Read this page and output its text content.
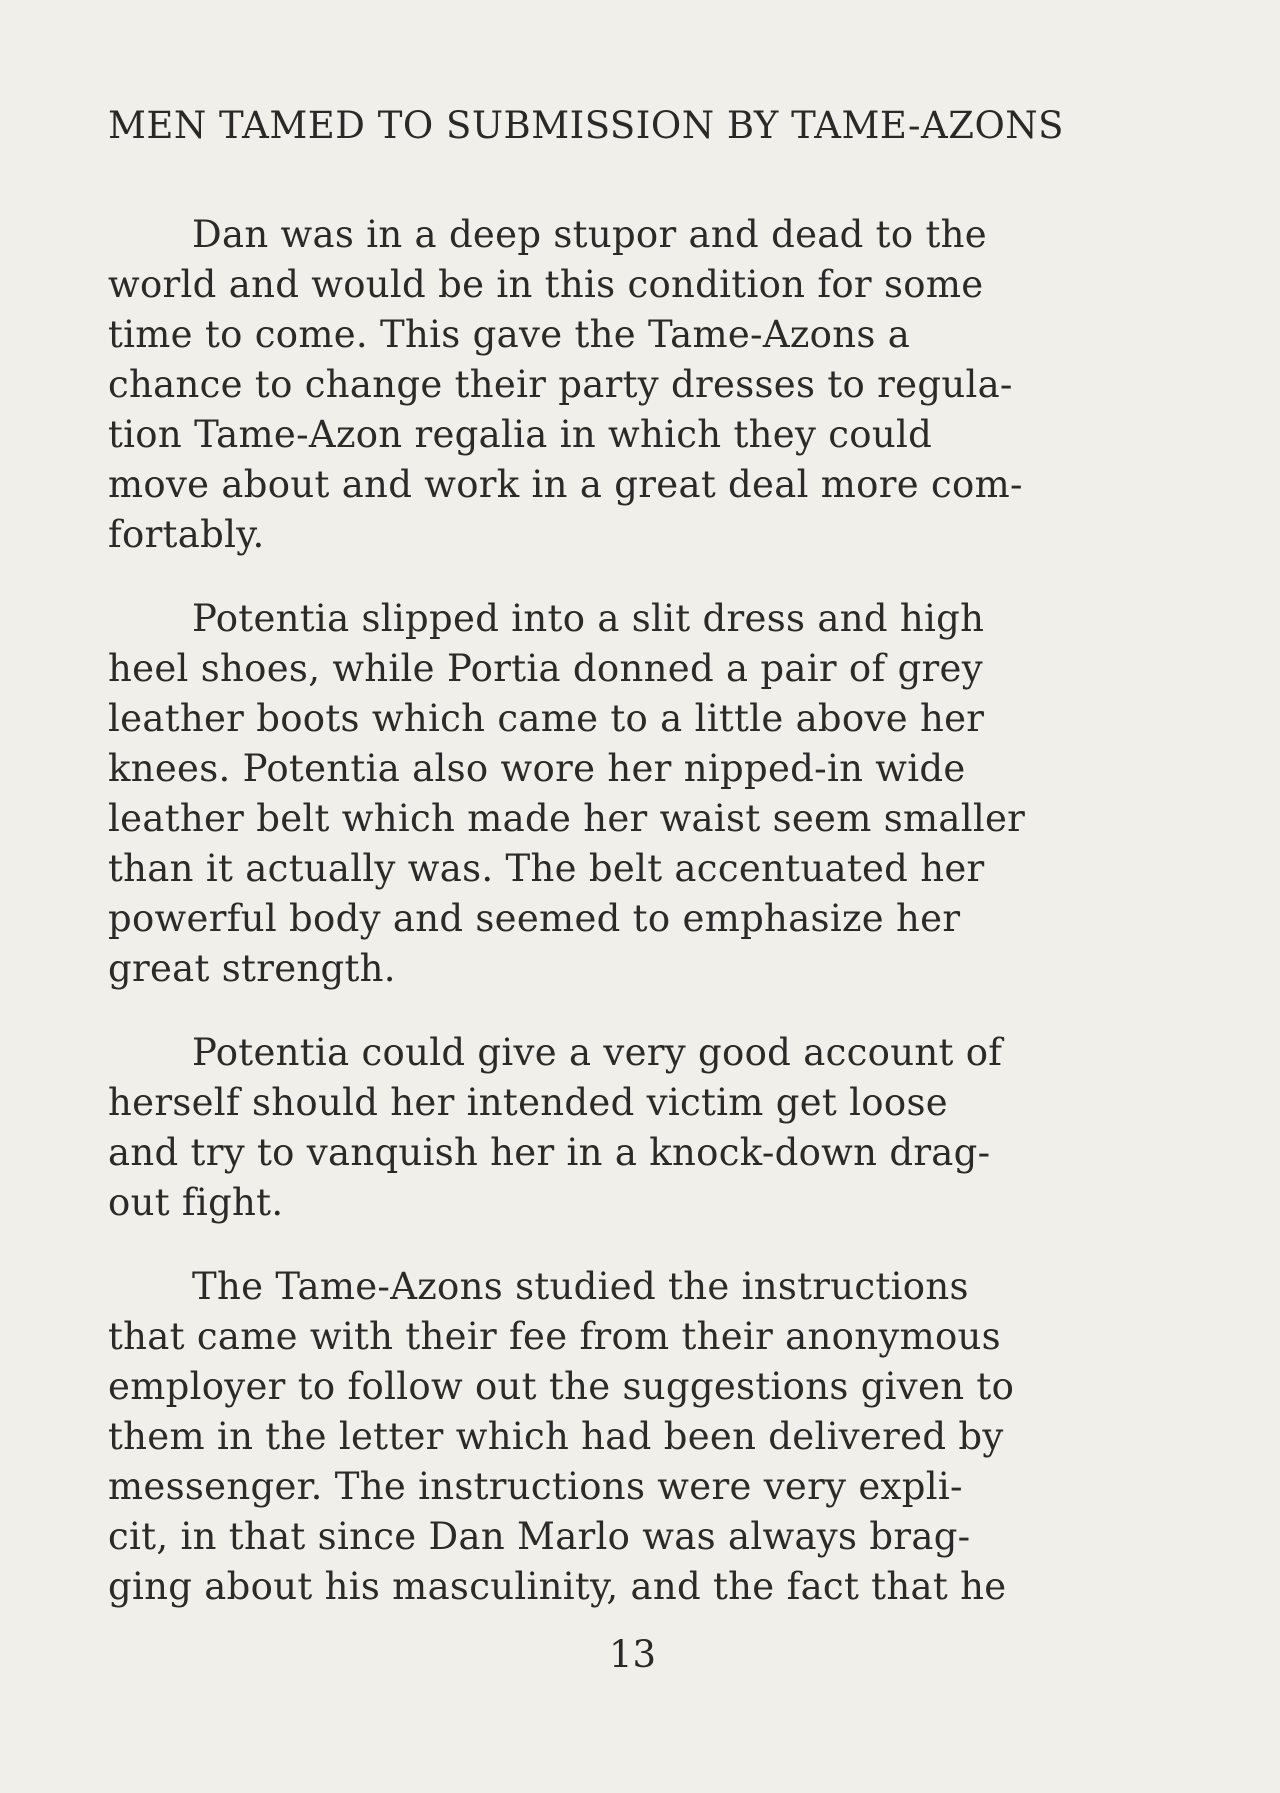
MEN TAMED TO SUBMISSION BY TAME-AZONS

Dan was in a deep stupor and dead to the
world and would be in this condition for some
time to come. This gave the Tame-Azons a
chance to change their party dresses to regula-
tion Tame-Azon regalia in which they could
move about and work in a great deal more com-
fortably.

Potentia slipped into a slit dress and high
heel shoes, while Portia donned a pair of grey
leather boots which came to a little above her
knees. Potentia also wore her nipped-in wide
leather belt which made her waist seem smaller
than it actually was. The belt accentuated her
powerful body and seemed to emphasize her
great strength.

Potentia could give a very good account of
herself should her intended victim get loose
and try to vanquish her in a knock-down drag-
out fight.

The Tame-Azons studied the instructions
that came with their fee from their anonymous
employer to follow out the suggestions given to
them in the letter which had been delivered by
messenger. The instructions were very expli-
cit, in that since Dan Marlo was always brag-
ging about his masculinity, and the fact that he

13
